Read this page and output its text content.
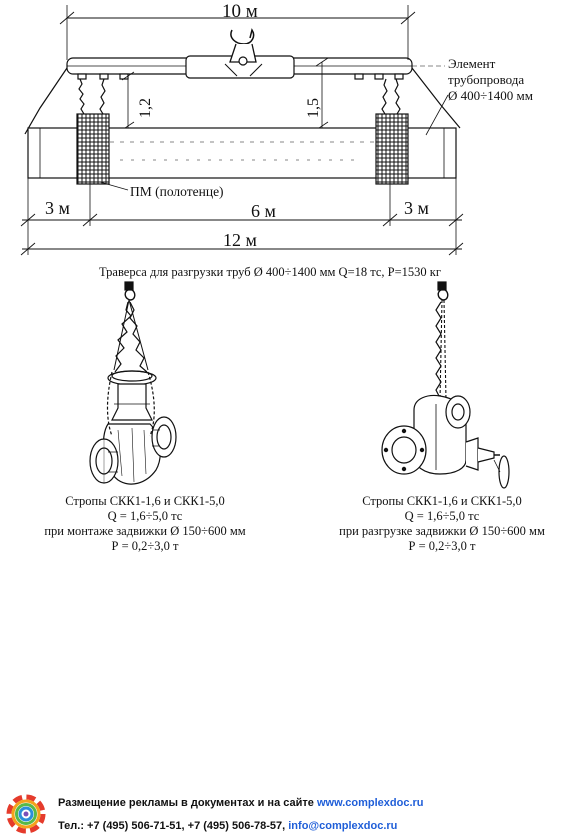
10 м
1,2	1,5
Элемент
трубопровода
Ø 400÷1400 мм
ПМ (полотенце)
3 м	6 м	3 м
12 м
Траверса для разгрузки труб Ø 400÷1400 мм Q=18 тс, Р=1530 кг
Стропы СКК1-1,6 и СКК1-5,0
Q = 1,6÷5,0 тс
при монтаже задвижки Ø 150÷600 мм
Р = 0,2÷3,0 т
Стропы СКК1-1,6 и СКК1-5,0
Q = 1,6÷5,0 тс
при разгрузке задвижки Ø 150÷600 мм
Р = 0,2÷3,0 т
Размещение рекламы в документах и на сайте www.complexdoc.ru
Тел.: +7 (495) 506-71-51, +7 (495) 506-78-57, info@complexdoc.ru
